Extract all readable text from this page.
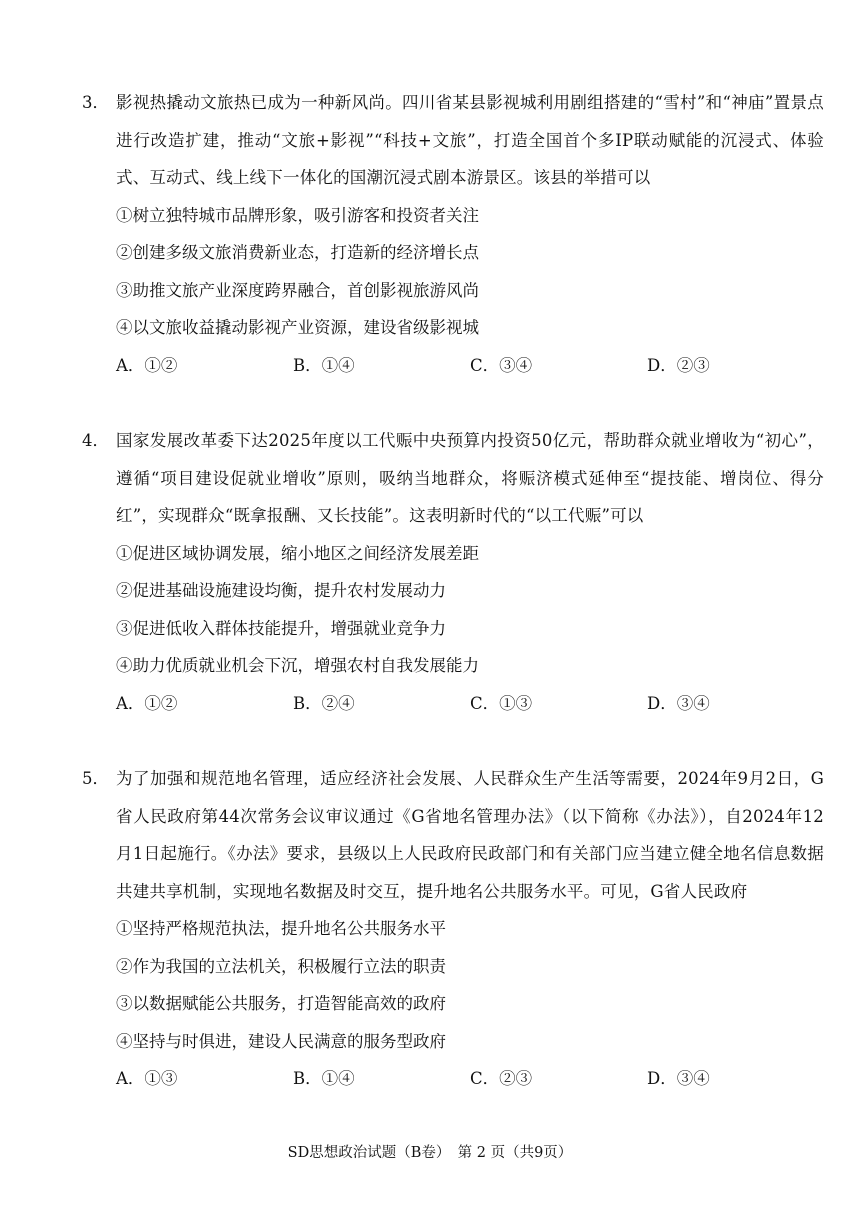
3． 影视热撬动文旅热已成为一种新风尚。四川省某县影视城利用剧组搭建的“雪村”和“神庙”置景点进行改造扩建，推动“文旅+影视”“科技+文旅”，打造全国首个多IP联动赋能的沉浸式、体验式、互动式、线上线下一体化的国潮沉浸式剧本游景区。该县的举措可以
①树立独特城市品牌形象，吸引游客和投资者关注
②创建多级文旅消费新业态，打造新的经济增长点
③助推文旅产业深度跨界融合，首创影视旅游风尚
④以文旅收益撬动影视产业资源，建设省级影视城
A．①②	B．①④	C．③④	D．②③
4． 国家发展改革委下达2025年度以工代赈中央预算内投资50亿元，帮助群众就业增收为“初心”，遵循“项目建设促就业增收”原则，吸纳当地群众，将赈济模式延伸至“提技能、增岗位、得分红”，实现群众“既拿报酬、又长技能”。这表明新时代的“以工代赈”可以
①促进区域协调发展，缩小地区之间经济发展差距
②促进基础设施建设均衡，提升农村发展动力
③促进低收入群体技能提升，增强就业竞争力
④助力优质就业机会下沉，增强农村自我发展能力
A．①②	B．②④	C．①③	D．③④
5． 为了加强和规范地名管理，适应经济社会发展、人民群众生产生活等需要，2024年9月2日，G省人民政府第44次常务会议审议通过《G省地名管理办法》（以下简称《办法》），自2024年12月1日起施行。《办法》要求，县级以上人民政府民政部门和有关部门应当建立健全地名信息数据共建共享机制，实现地名数据及时交互，提升地名公共服务水平。可见，G省人民政府
①坚持严格规范执法，提升地名公共服务水平
②作为我国的立法机关，积极履行立法的职责
③以数据赋能公共服务，打造智能高效的政府
④坚持与时俱进，建设人民满意的服务型政府
A．①③	B．①④	C．②③	D．③④
SD思想政治试题（B卷）　第 2 页（共9页）
